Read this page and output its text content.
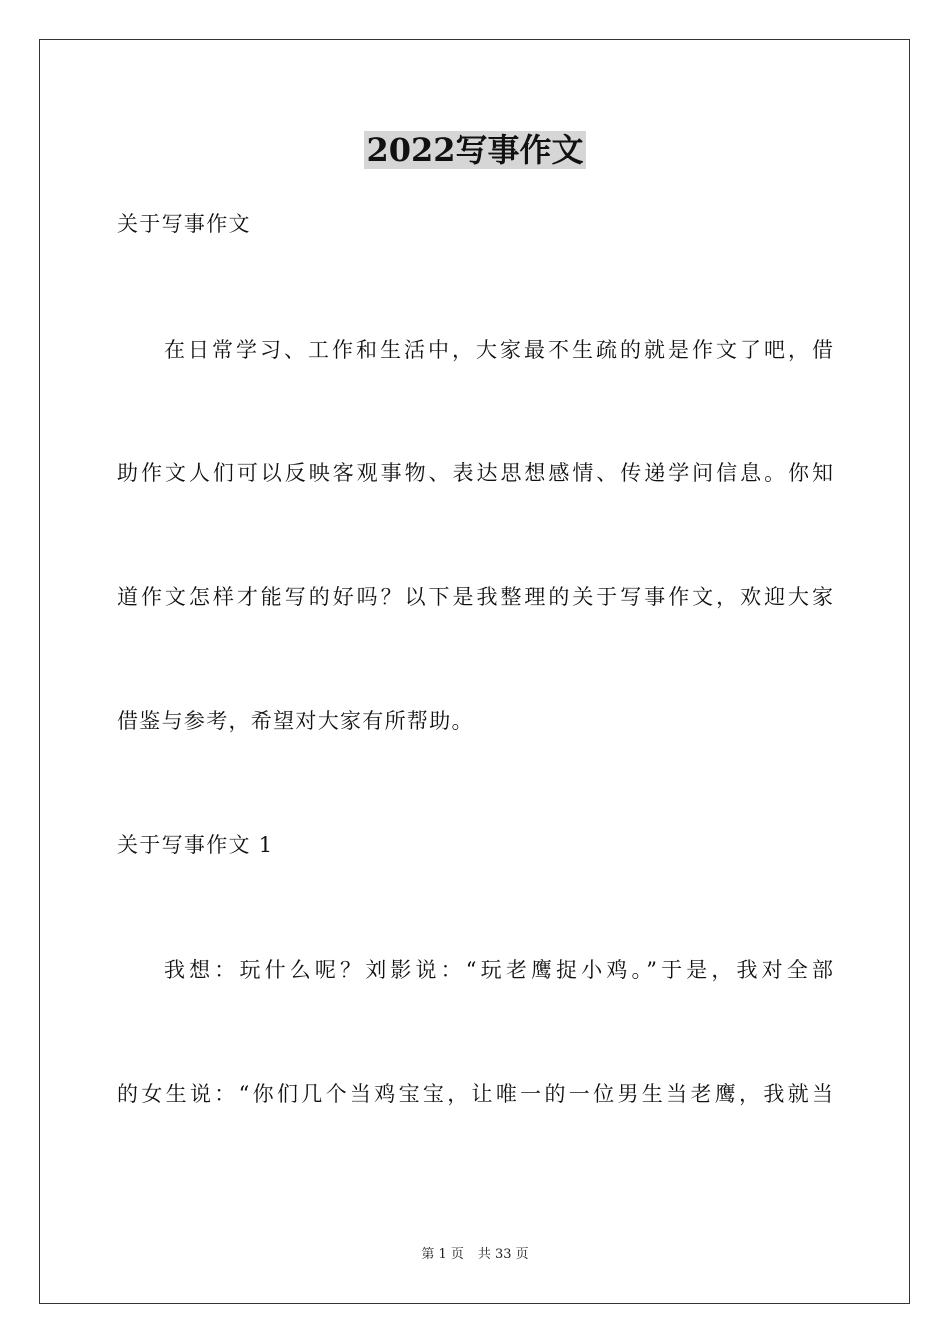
2022写事作文
关于写事作文
在日常学习、工作和生活中，大家最不生疏的就是作文了吧，借
助作文人们可以反映客观事物、表达思想感情、传递学问信息。你知
道作文怎样才能写的好吗？以下是我整理的关于写事作文，欢迎大家
借鉴与参考，希望对大家有所帮助。
关于写事作文 1
我想：玩什么呢？刘影说：“玩老鹰捉小鸡。”于是，我对全部
的女生说：“你们几个当鸡宝宝，让唯一的一位男生当老鹰，我就当
第 1 页 共 33 页
